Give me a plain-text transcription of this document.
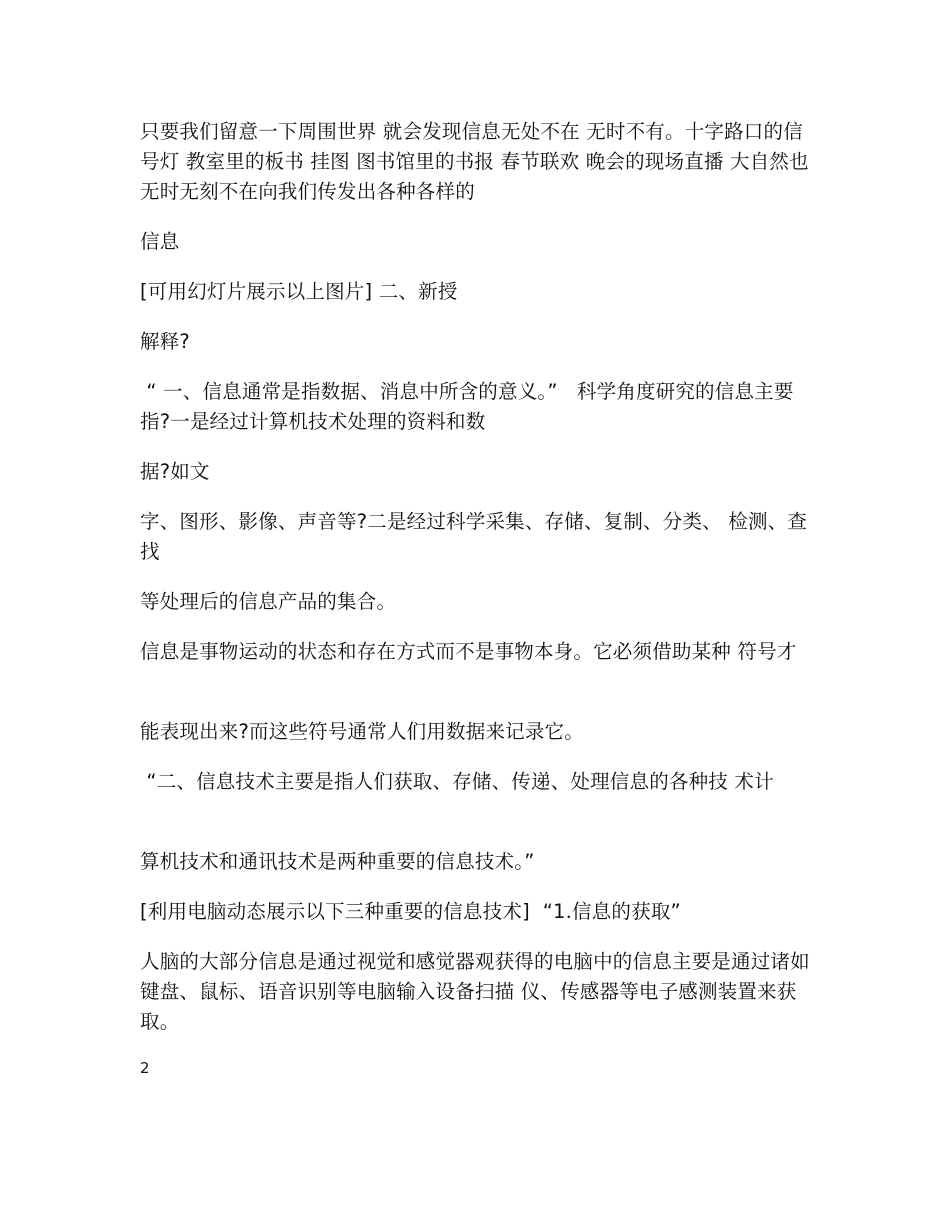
只要我们留意一下周围世界 就会发现信息无处不在 无时不有。十字路口的信号灯 教室里的板书 挂图 图书馆里的书报 春节联欢 晚会的现场直播 大自然也无时无刻不在向我们传发出各种各样的

信息

[可用幻灯片展示以上图片] 二、新授

解释?

“ 一、信息通常是指数据、消息中所含的意义。”   科学角度研究的信息主要指?一是经过计算机技术处理的资料和数

据?如文

字、图形、影像、声音等?二是经过科学采集、存储、复制、分类、 检测、查找

等处理后的信息产品的集合。

信息是事物运动的状态和存在方式而不是事物本身。它必须借助某种 符号才

能表现出来?而这些符号通常人们用数据来记录它。

“二、信息技术主要是指人们获取、存储、传递、处理信息的各种技 术计

算机技术和通讯技术是两种重要的信息技术。”

[利用电脑动态展示以下三种重要的信息技术]  “1.信息的获取”

人脑的大部分信息是通过视觉和感觉器观获得的电脑中的信息主要是通过诸如键盘、鼠标、语音识别等电脑输入设备扫描 仪、传感器等电子感测装置来获取。

2
